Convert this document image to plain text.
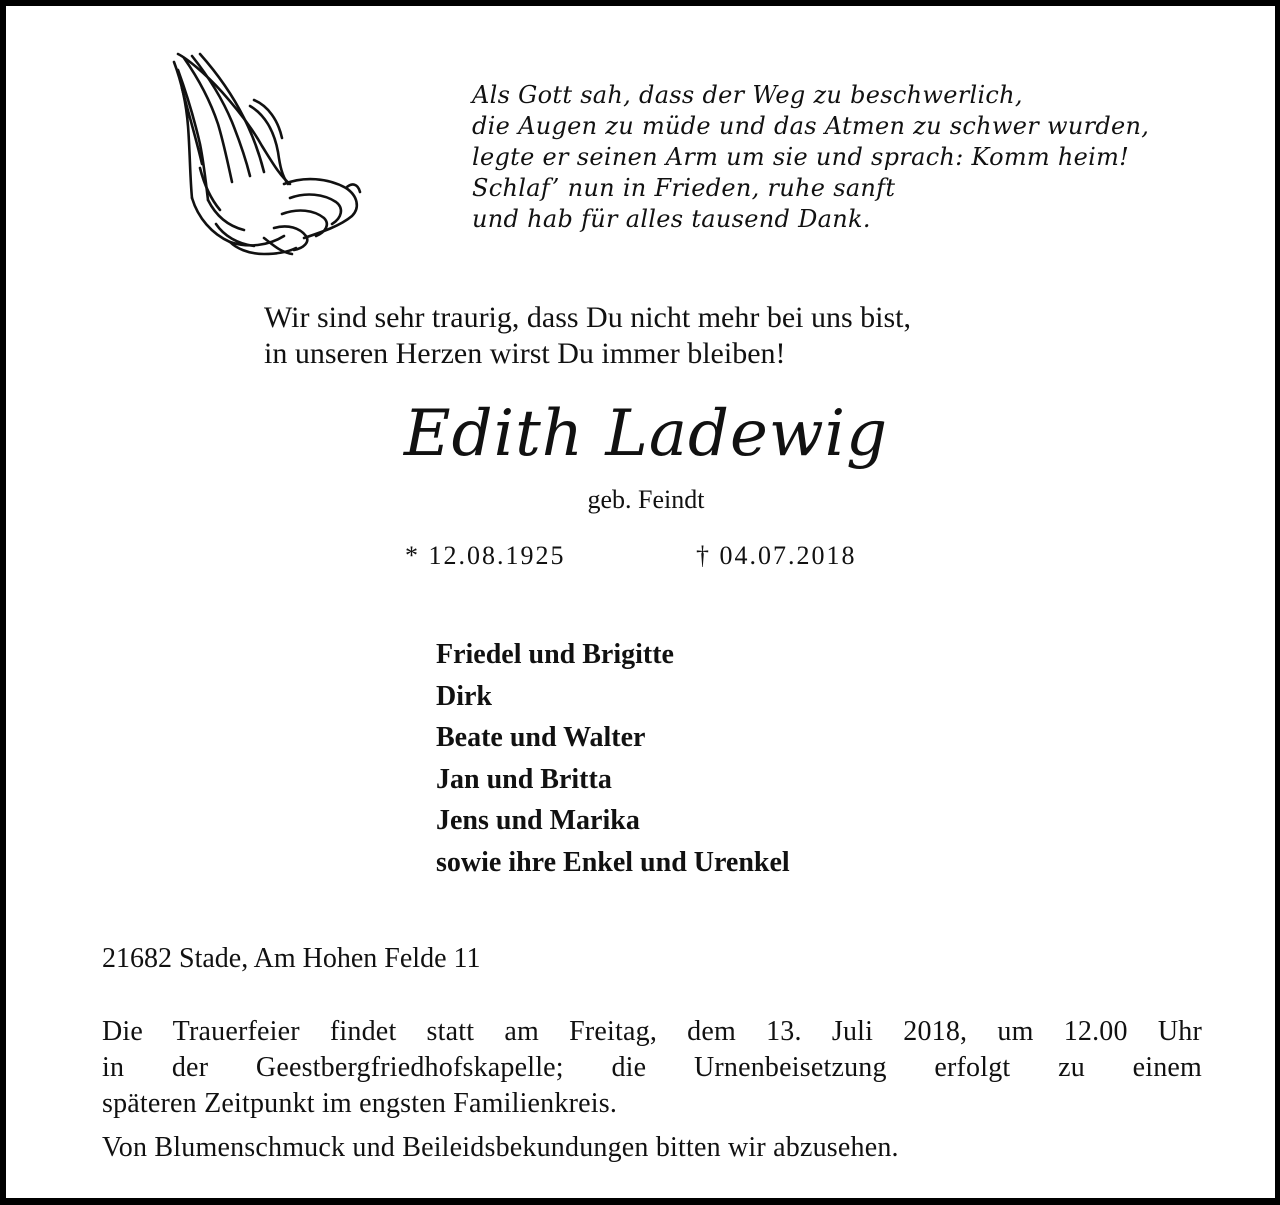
Als Gott sah, dass der Weg zu beschwerlich,
die Augen zu müde und das Atmen zu schwer wurden,
legte er seinen Arm um sie und sprach: Komm heim!
Schlaf’ nun in Frieden, ruhe sanft
und hab für alles tausend Dank.
Wir sind sehr traurig, dass Du nicht mehr bei uns bist,
in unseren Herzen wirst Du immer bleiben!
Edith Ladewig
geb. Feindt
* 12.08.1925	† 04.07.2018
Friedel und Brigitte
Dirk
Beate und Walter
Jan und Britta
Jens und Marika
sowie ihre Enkel und Urenkel
21682 Stade, Am Hohen Felde 11
Die Trauerfeier findet statt am Freitag, dem 13. Juli 2018, um 12.00 Uhr
in der Geestbergfriedhofskapelle; die Urnenbeisetzung erfolgt zu einem
späteren Zeitpunkt im engsten Familienkreis.
Von Blumenschmuck und Beileidsbekundungen bitten wir abzusehen.
